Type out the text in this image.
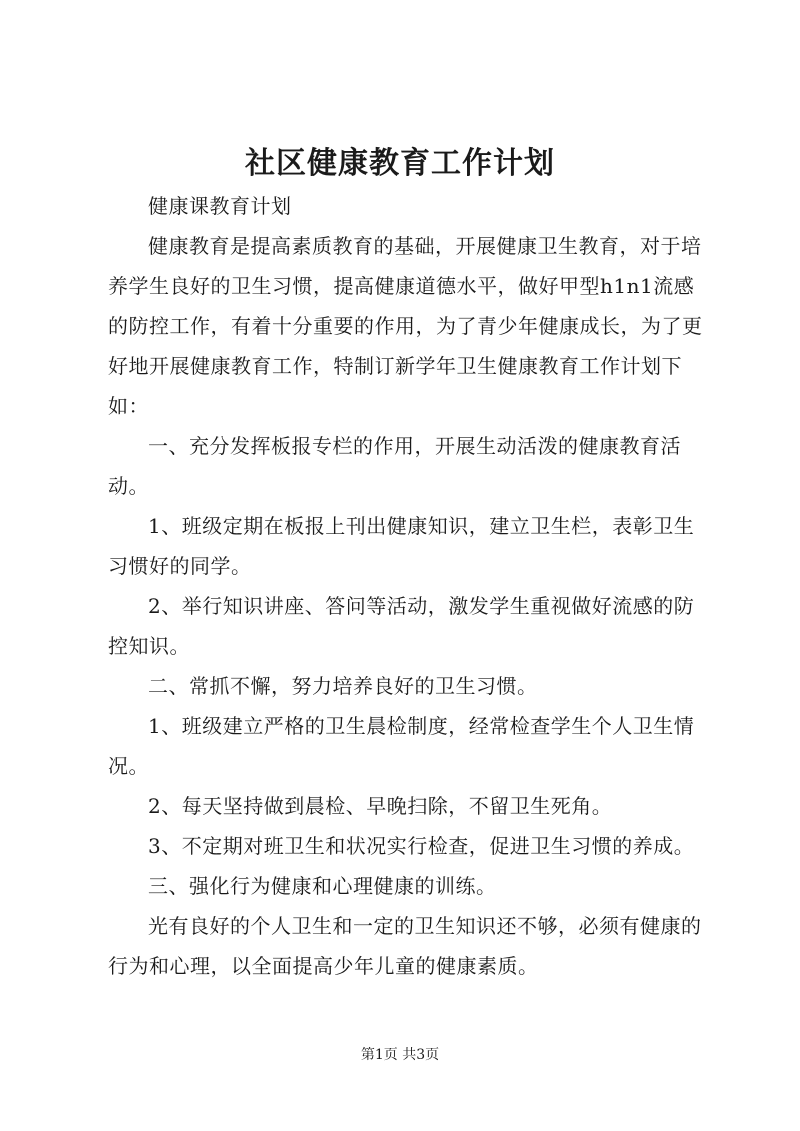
社区健康教育工作计划

健康课教育计划

健康教育是提高素质教育的基础，开展健康卫生教育，对于培养学生良好的卫生习惯，提高健康道德水平，做好甲型h1n1流感的防控工作，有着十分重要的作用，为了青少年健康成长，为了更好地开展健康教育工作，特制订新学年卫生健康教育工作计划下如：

一、充分发挥板报专栏的作用，开展生动活泼的健康教育活动。

1、班级定期在板报上刊出健康知识，建立卫生栏，表彰卫生习惯好的同学。

2、举行知识讲座、答问等活动，激发学生重视做好流感的防控知识。

二、常抓不懈，努力培养良好的卫生习惯。

1、班级建立严格的卫生晨检制度，经常检查学生个人卫生情况。

2、每天坚持做到晨检、早晚扫除，不留卫生死角。

3、不定期对班卫生和状况实行检查，促进卫生习惯的养成。

三、强化行为健康和心理健康的训练。

光有良好的个人卫生和一定的卫生知识还不够，必须有健康的行为和心理，以全面提高少年儿童的健康素质。

第1页 共3页
